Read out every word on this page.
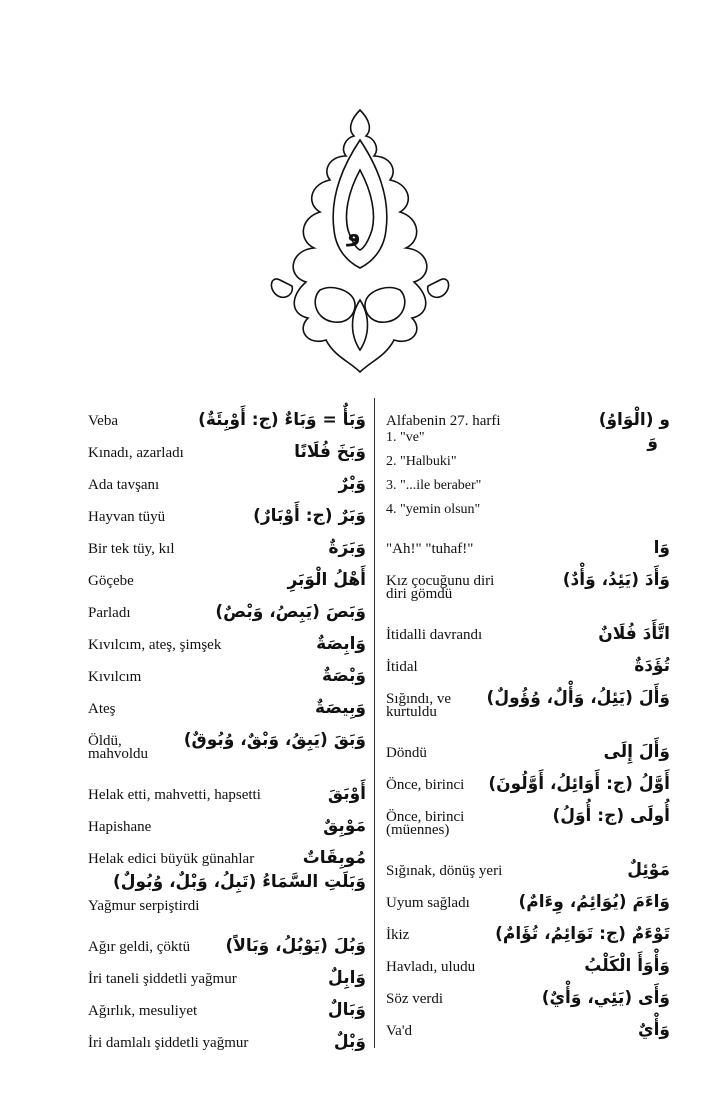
و
Veba	وَبَأٌ = وَبَاءٌ (ج: أَوْبِئَةٌ)
Kınadı, azarladı	وَبَخَ فُلَانًا
Ada tavşanı	وَبْرٌ
Hayvan tüyü	وَبَرٌ (ج: أَوْبَارٌ)
Bir tek tüy, kıl	وَبَرَةٌ
Göçebe	أَهْلُ الْوَبَرِ
Parladı	وَبَصَ (يَبِصُ، وَبْصٌ)
Kıvılcım, ateş, şimşek	وَابِصَةٌ
Kıvılcım	وَبْصَةٌ
Ateş	وَبِيصَةٌ
Öldü,	وَبَقَ (يَبِقُ، وَبْقٌ، وُبُوقٌ)
mahvoldu
Helak etti, mahvetti, hapsetti	أَوْبَقَ
Hapishane	مَوْبِقٌ
Helak edici büyük günahlar	مُوبِقَاتٌ
وَبَلَتِ السَّمَاءُ (تَبِلُ، وَبْلٌ، وُبُولٌ)
Yağmur serpiştirdi
Ağır geldi, çöktü وَبُلَ (يَوْبُلُ، وَبَالاً)
İri taneli şiddetli yağmur	وَابِلٌ
Ağırlık, mesuliyet	وَبَالٌ
İri damlalı şiddetli yağmur	وَبْلٌ
Alfabenin 27. harfi	و (الْوَاوُ)
وَ
1. "ve"
2. "Halbuki"
3. "...ile beraber"
4. "yemin olsun"
"Ah!" "tuhaf!"	وَا
Kız çocuğunu diri	وَأَدَ (يَئِدُ، وَأْدٌ)
diri gömdü
İtidalli davrandı	اتَّأَدَ فُلَانٌ
İtidal	تُؤَدَةٌ
Sığındı, ve وَأَلَ (يَئِلُ، وَأْلٌ، وُؤُولٌ)
kurtuldu
Döndü	وَأَلَ إِلَى
Önce, birinci أَوَّلُ (ج: أَوَائِلُ، أَوَّلُونَ)
Önce, birinci	أُولَى (ج: أُوَلُ)
(müennes)
Sığınak, dönüş yeri	مَوْئِلٌ
Uyum sağladı	وَاءَمَ (يُوَائِمُ، وِءَامٌ)
İkiz	تَوْءَمٌ (ج: تَوَائِمُ، تُؤَامٌ)
Havladı, uludu	وَأْوَأَ الْكَلْبُ
Söz verdi	وَأَى (يَئِي، وَأْيٌ)
Va'd	وَأْيٌ
